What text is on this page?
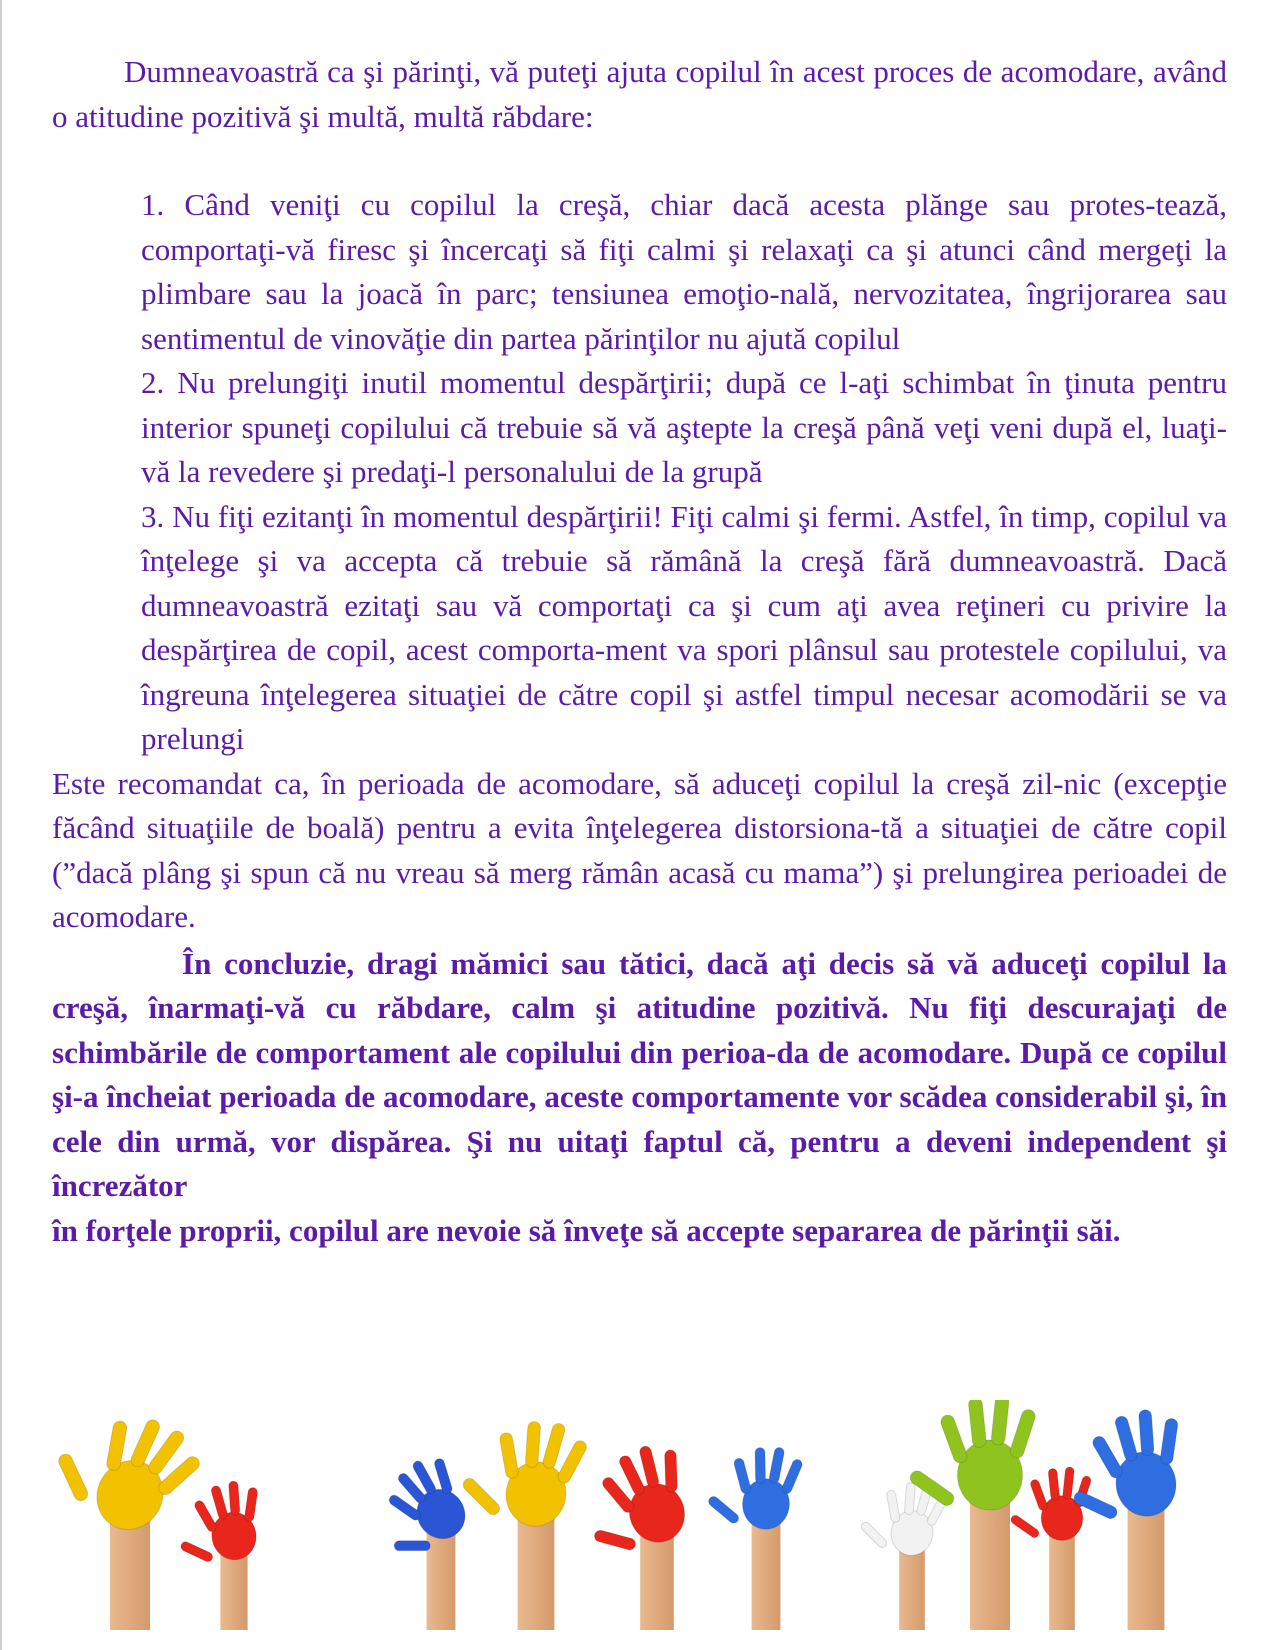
Dumneavoastră ca şi părinţi, vă puteţi ajuta copilul în acest proces de acomodare, având o atitudine pozitivă şi multă, multă răbdare:

1. Când veniţi cu copilul la creşă, chiar dacă acesta plănge sau protes-tează, comportaţi-vă firesc şi încercaţi să fiţi calmi şi relaxaţi ca şi atunci când mergeţi la plimbare sau la joacă în parc; tensiunea emoţio-nală, nervozitatea, îngrijorarea sau sentimentul de vinovăţie din partea părinţilor nu ajută copilul

2. Nu prelungiţi inutil momentul despărţirii; după ce l-aţi schimbat în ţinuta pentru interior spuneţi copilului că trebuie să vă aştepte la creşă până veţi veni după el, luaţi-vă la revedere şi predaţi-l personalului de la grupă

3. Nu fiţi ezitanţi în momentul despărţirii! Fiţi calmi şi fermi. Astfel, în timp, copilul va înţelege şi va accepta că trebuie să rămână la creşă fără dumneavoastră. Dacă dumneavoastră ezitaţi sau vă comportaţi ca şi cum aţi avea reţineri cu privire la despărţirea de copil, acest comporta-ment va spori plânsul sau protestele copilului, va îngreuna înţelegerea situaţiei de către copil şi astfel timpul necesar acomodării se va prelungi

Este recomandat ca, în perioada de acomodare, să aduceţi copilul la creşă zil-nic (excepţie făcând situaţiile de boală) pentru a evita înţelegerea distorsiona-tă a situaţiei de către copil (”dacă plâng şi spun că nu vreau să merg rămân acasă cu mama”) şi prelungirea perioadei de acomodare.

În concluzie, dragi mămici sau tătici, dacă aţi decis să vă aduceţi copilul la creşă, înarmaţi-vă cu răbdare, calm şi atitudine pozitivă. Nu fiţi descurajaţi de schimbările de comportament ale copilului din perioa-da de acomodare. După ce copilul şi-a încheiat perioada de acomodare, aceste comportamente vor scădea considerabil şi, în cele din urmă, vor dispărea. Şi nu uitaţi faptul că, pentru a deveni independent şi încrezător

în forţele proprii, copilul are nevoie să înveţe să accepte separarea de părinţii săi.
